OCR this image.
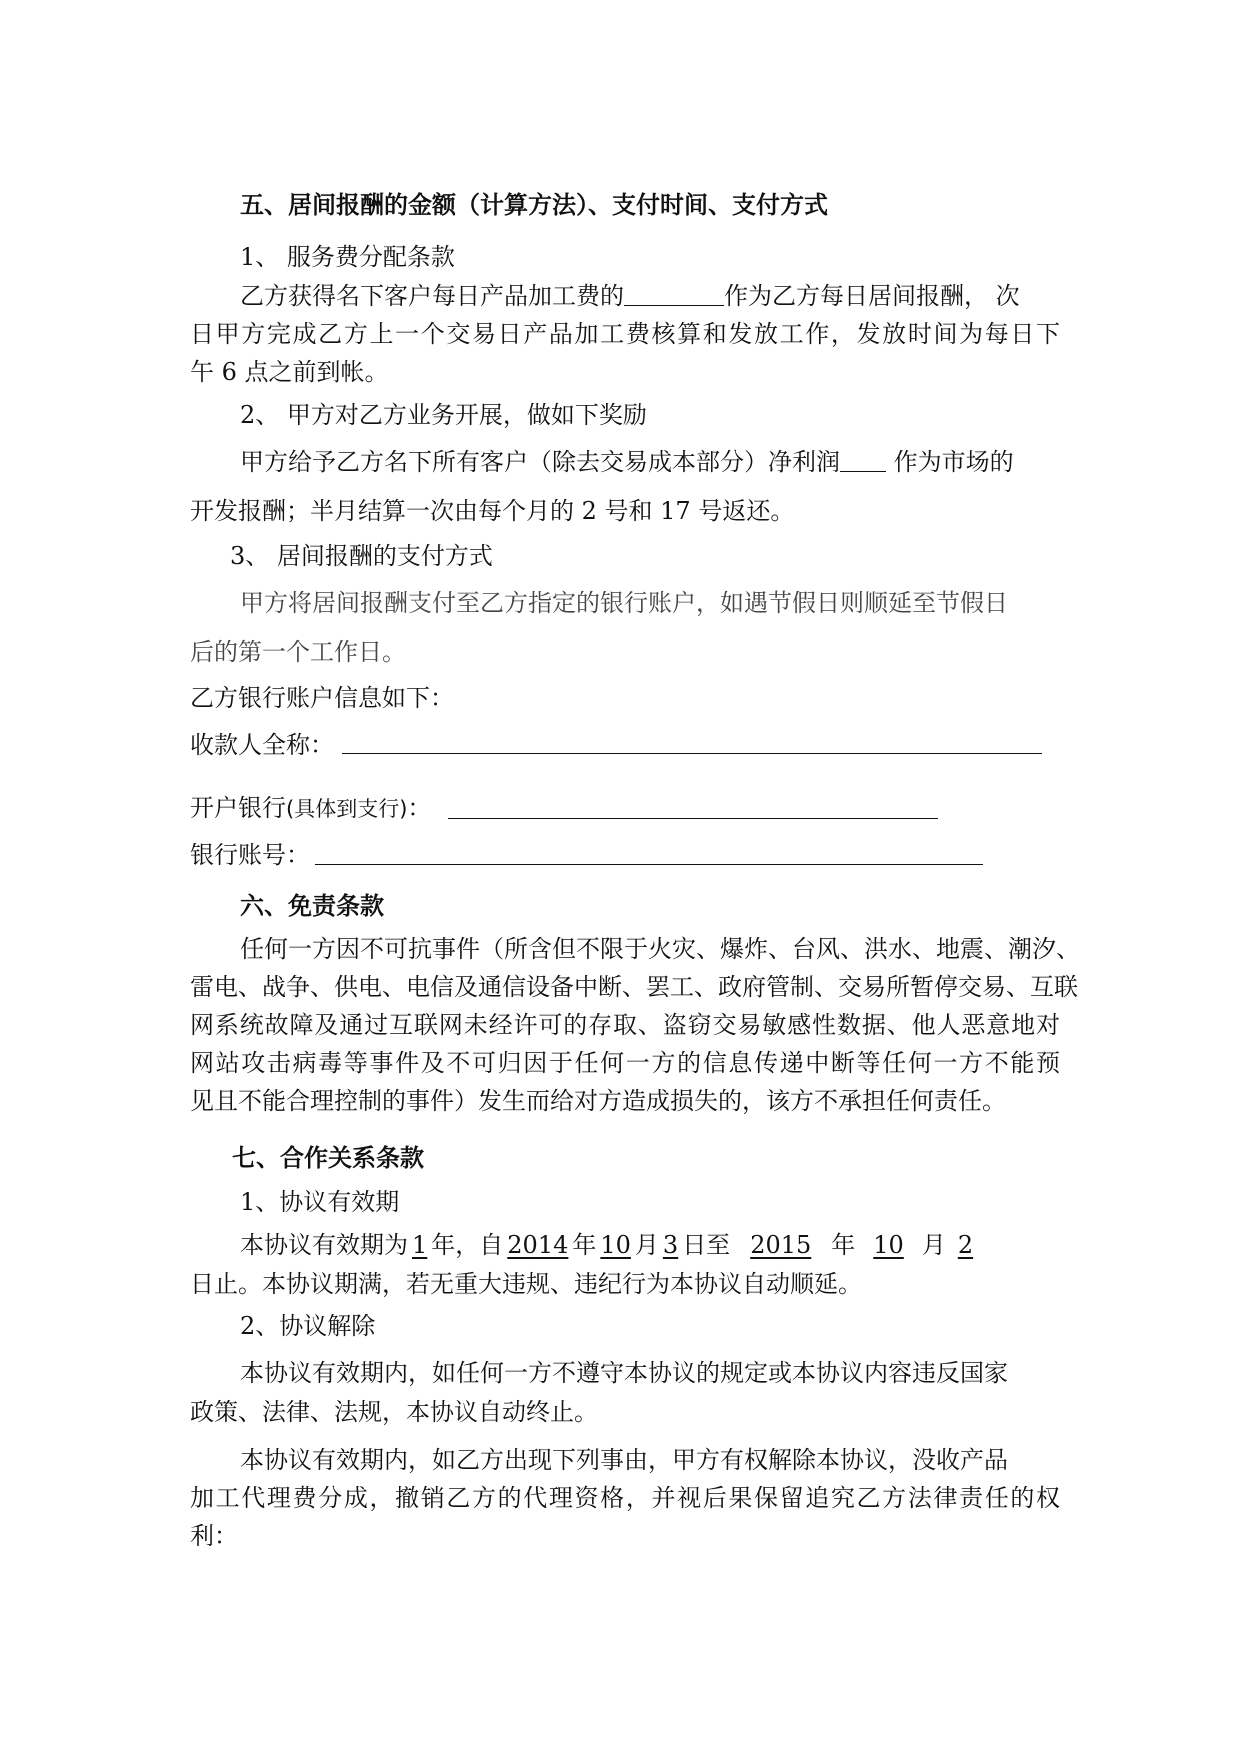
五、居间报酬的金额（计算方法）、支付时间、支付方式
1、 服务费分配条款
乙方获得名下客户每日产品加工费的	作为乙方每日居间报酬， 次
日甲方完成乙方上一个交易日产品加工费核算和发放工作，发放时间为每日下
午 6 点之前到帐。
2、 甲方对乙方业务开展，做如下奖励
甲方给予乙方名下所有客户（除去交易成本部分）净利润 作为市场的
开发报酬；半月结算一次由每个月的 2 号和 17 号返还。
3、 居间报酬的支付方式
甲方将居间报酬支付至乙方指定的银行账户，如遇节假日则顺延至节假日
后的第一个工作日。
乙方银行账户信息如下：
收款人全称：
开户银行(具体到支行)：
银行账号：
六、免责条款
任何一方因不可抗事件（所含但不限于火灾、爆炸、台风、洪水、地震、潮汐、
雷电、战争、供电、电信及通信设备中断、罢工、政府管制、交易所暂停交易、互联
网系统故障及通过互联网未经许可的存取、盗窃交易敏感性数据、他人恶意地对
网站攻击病毒等事件及不可归因于任何一方的信息传递中断等任何一方不能预
见且不能合理控制的事件）发生而给对方造成损失的，该方不承担任何责任。
七、合作关系条款
1、协议有效期
本协议有效期为 1 年，自 2014 年 10 月 3 日至 2015 年 10 月 2
日止。本协议期满，若无重大违规、违纪行为本协议自动顺延。
2、协议解除
本协议有效期内，如任何一方不遵守本协议的规定或本协议内容违反国家
政策、法律、法规，本协议自动终止。
本协议有效期内，如乙方出现下列事由，甲方有权解除本协议，没收产品
加工代理费分成，撤销乙方的代理资格，并视后果保留追究乙方法律责任的权
利：
